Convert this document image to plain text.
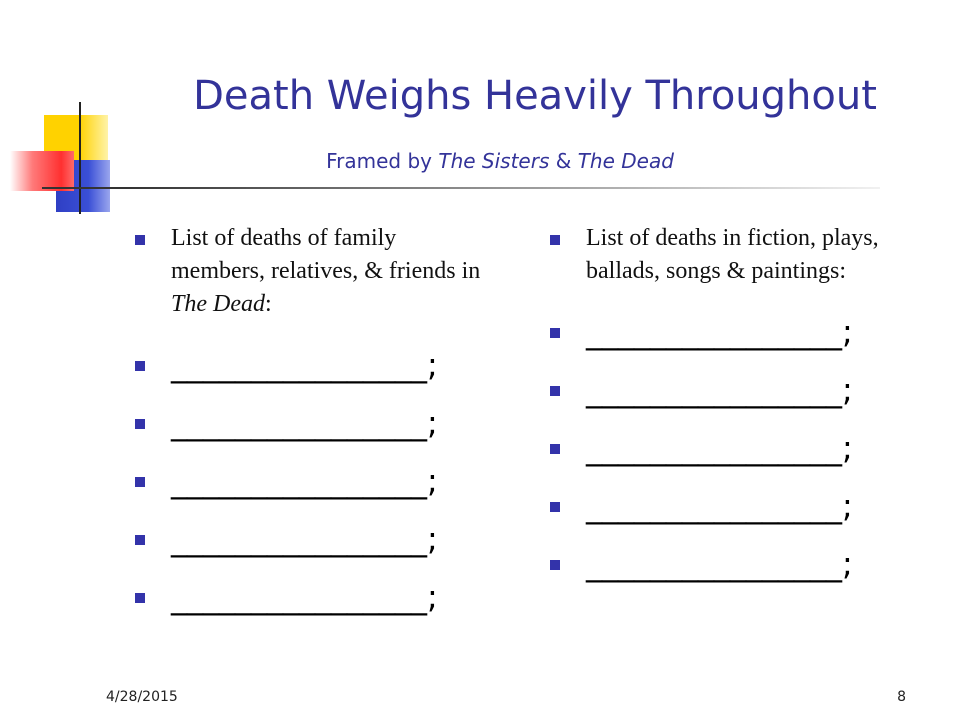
Death Weighs Heavily Throughout
Framed by The Sisters & The Dead
List of deaths of family members, relatives, & friends in The Dead:
________________;
________________;
________________;
________________;
________________;
List of deaths in fiction, plays, ballads, songs & paintings:
________________;
________________;
________________;
________________;
________________;
4/28/2015	8
